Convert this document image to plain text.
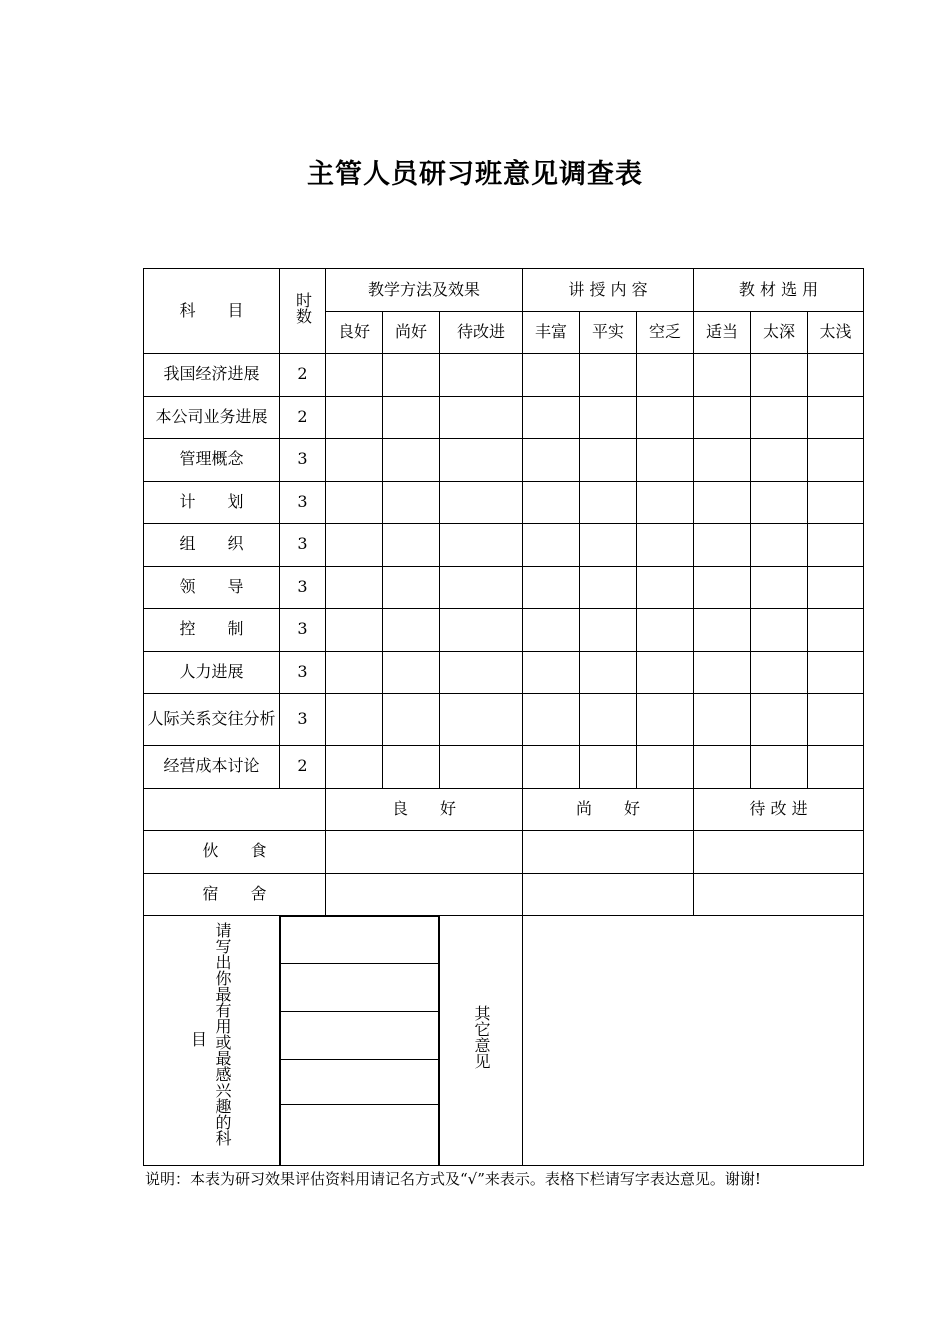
主管人员研习班意见调查表
科　　目	时数	教学方法及效果	讲 授 内 容	教 材 选 用
良好	尚好	待改进	丰富	平实	空乏	适当	太深	太浅
我国经济进展	2									
本公司业务进展	2									
管理概念	3									
计　　划	3									
组　　织	3									
领　　导	3									
控　　制	3									
人力进展	3									
人际关系交往分析	3									
经营成本讨论	2									
	良　　好	尚　　好	待 改 进
伙　　食			
宿　　舍			

目 请写出你最有用或最感兴趣的科		其它意见	
说明：本表为研习效果评估资料用请记名方式及“√”来表示。表格下栏请写字表达意见。谢谢!
